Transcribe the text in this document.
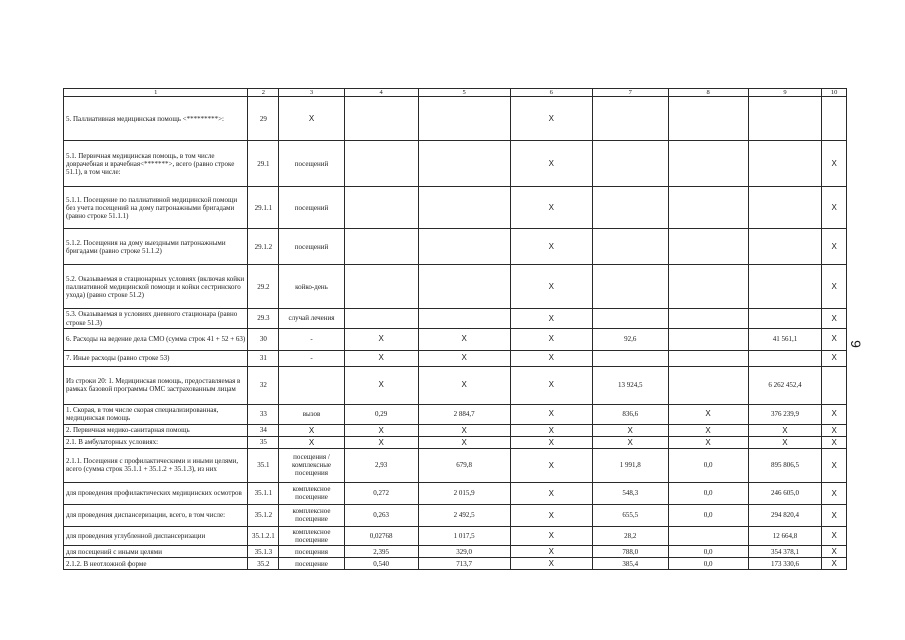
1	2	3	4	5	6	7	8	9	10
5. Паллиативная медицинская помощь <*********>:	29	Х			Х				
5.1. Первичная медицинская помощь, в том числе доврачебная и врачебная<*******>, всего (равно строке 51.1), в том числе:	29.1	посещений			Х				Х
5.1.1. Посещение по паллиативной медицинской помощи без учета посещений на дому патронажными бригадами (равно строке 51.1.1)	29.1.1	посещений			Х				Х
5.1.2. Посещения на дому выездными патронажными бригадами (равно строке 51.1.2)	29.1.2	посещений			Х				Х
5.2. Оказываемая в стационарных условиях (включая койки паллиативной медицинской помощи и койки сестринского ухода) (равно строке 51.2)	29.2	койко-день			Х				Х
5.3. Оказываемая в условиях дневного стационара (равно строке 51.3)	29.3	случай лечения			Х				Х
6. Расходы на ведение дела СМО (сумма строк 41 + 52 + 63)	30	-	Х	Х	Х	92,6		41 561,1	Х
7. Иные расходы (равно строке 53)	31	-	Х	Х	Х				Х
Из строки 20: 1. Медицинская помощь, предоставляемая в рамках базовой программы ОМС застрахованным лицам	32		Х	Х	Х	13 924,5		6 262 452,4	
1. Скорая, в том числе скорая специализированная, медицинская помощь	33	вызов	0,29	2 884,7	Х	836,6	Х	376 239,9	Х
2. Первичная медико-санитарная помощь	34	Х	Х	Х	Х	Х	Х	Х	Х
2.1. В амбулаторных условиях:	35	Х	Х	Х	Х	Х	Х	Х	Х
2.1.1. Посещения с профилактическими и иными целями, всего (сумма строк 35.1.1 + 35.1.2 + 35.1.3), из них	35.1	посещения / комплексные посещения	2,93	679,8	Х	1 991,8	0,0	895 806,5	Х
для проведения профилактических медицинских осмотров	35.1.1	комплексное посещение	0,272	2 015,9	Х	548,3	0,0	246 605,0	Х
для проведения диспансеризации, всего, в том числе:	35.1.2	комплексное посещение	0,263	2 492,5	Х	655,5	0,0	294 820,4	Х
для проведения углубленной диспансеризации	35.1.2.1	комплексное посещение	0,02768	1 017,5	Х	28,2		12 664,8	Х
для посещений с иными целями	35.1.3	посещения	2,395	329,0	Х	788,0	0,0	354 378,1	Х
2.1.2. В неотложной форме	35.2	посещение	0,540	713,7	Х	385,4	0,0	173 330,6	Х
9
